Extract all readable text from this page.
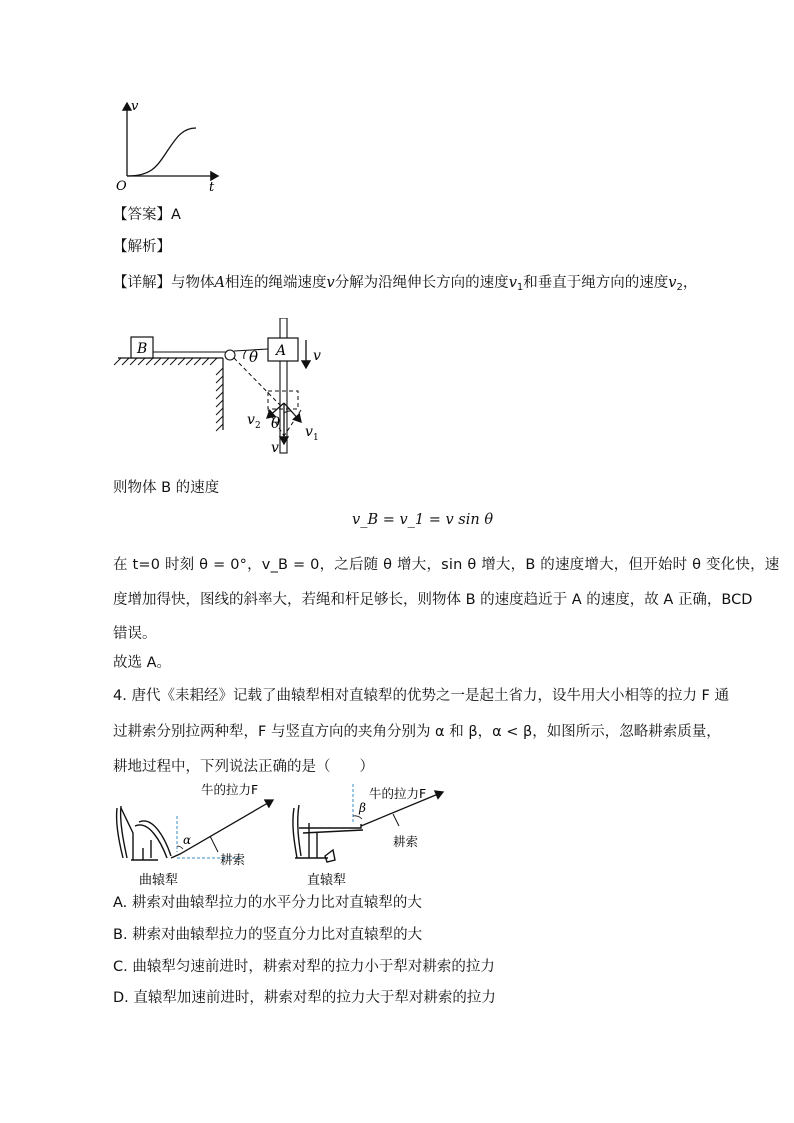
v
O	t
【答案】A
【解析】
【详解】与物体A相连的绳端速度v分解为沿绳伸长方向的速度$v_1$和垂直于绳方向的速度$v_2$，
B	θ A v
θ
v 2	v 1
v
则物体 B 的速度
v_B = v_1 = v sin θ
在 t=0 时刻 θ = 0°，v_B = 0，之后随 θ 增大，sin θ 增大，B 的速度增大，但开始时 θ 变化快，速
度增加得快，图线的斜率大，若绳和杆足够长，则物体 B 的速度趋近于 A 的速度，故 A 正确，BCD
错误。
故选 A。
4. 唐代《耒耜经》记载了曲辕犁相对直辕犁的优势之一是起土省力，设牛用大小相等的拉力 F 通
过耕索分别拉两种犁，F 与竖直方向的夹角分别为 α 和 β，α < β，如图所示，忽略耕索质量，
耕地过程中，下列说法正确的是（　　）
α
牛的拉力F
耕索
曲辕犁
β
牛的拉力F
耕索
直辕犁
A. 耕索对曲辕犁拉力的水平分力比对直辕犁的大
B. 耕索对曲辕犁拉力的竖直分力比对直辕犁的大
C. 曲辕犁匀速前进时，耕索对犁的拉力小于犁对耕索的拉力
D. 直辕犁加速前进时，耕索对犁的拉力大于犁对耕索的拉力
